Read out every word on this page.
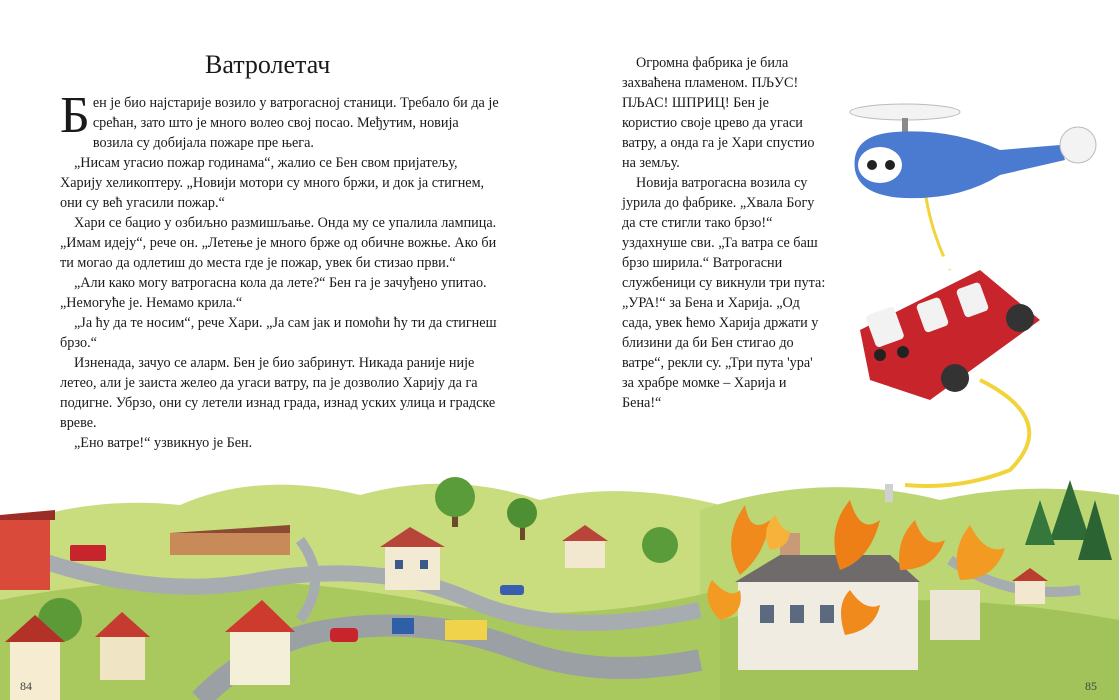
Ватролетач

Бен је био најстарије возило у ватрогасној станици. Требало би да је срећан, зато што је много волео свој посао. Међутим, новија возила су добијала пожаре пре њега.

„Нисам угасио пожар годинама“, жалио се Бен свом пријатељу, Харију хеликоптеру. „Новији мотори су много бржи, и док ја стигнем, они су већ угасили пожар.“

Хари се бацио у озбиљно размишљање. Онда му се упалила лампица. „Имам идеју“, рече он. „Летење је много брже од обичне вожње. Ако би ти могао да одлетиш до места где је пожар, увек би стизао први.“

„Али како могу ватрогасна кола да лете?“ Бен га је зачуђено упитао. „Немогуће је. Немамо крила.“

„Ја ћу да те носим“, рече Хари. „Ја сам јак и помоћи ћу ти да стигнеш брзо.“

Изненада, зачуо се аларм. Бен је био забринут. Никада раније није летео, али је заиста желео да угаси ватру, па је дозволио Харију да га подигне. Убрзо, они су летели изнад града, изнад уских улица и градске вреве.

„Ено ватре!“ узвикнуо је Бен.

Огромна фабрика је била захваћена пламеном. ПЉУС! ПЉАС! ШПРИЦ! Бен је користио своје црево да угаси ватру, а онда га је Хари спустио на земљу.

Новија ватрогасна возила су јурила до фабрике. „Хвала Богу да сте стигли тако брзо!“ уздахнуше сви. „Та ватра се баш брзо ширила.“ Ватрогасни службеници су викнули три пута: „УРА!“ за Бена и Харија. „Од сада, увек ћемо Харија држати у близини да би Бен стигао до ватре“, рекли су. „Три пута 'ура' за храбре момке – Харија и Бена!“

84	85
